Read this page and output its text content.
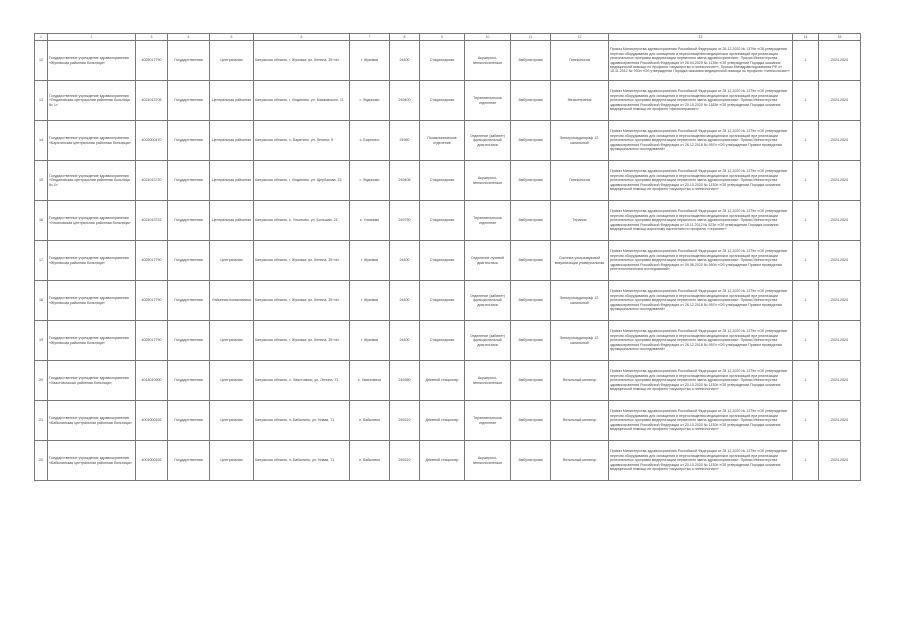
1	2	3	4	5	6	7	8	9	10	11	12	13	14	15
12	Государственное учреждение здравоохранения «Жуковская районная больница»	4029017790	Государственная	Центральная	Калужская область, г. Жуковка, ул. Ленина, 39 «а»	г. Жуковка	24400	Стационарная	Акушерско-гинекологическое	Амбулаторная	Гинекология	Приказ Министерства здравоохранения Российской Федерации от 28.12.2020 № 1379н «Об утверждении перечня оборудования для оснащения и переоснащения медицинских организаций при реализации региональных программ модернизации первичного звена здравоохранения». Приказ Министерства здравоохранения Российской Федерации от 28.04.2020 № 1139н «Об утверждении Порядка оказания медицинской помощи по профилю «акушерство и гинекология»», Приказ Минздравсоцразвития РФ от 15.11.2012 № 930н «Об утверждении Порядка оказания медицинской помощи по профилю «гинекология»»	1	2024.2024
13	Государственное учреждение здравоохранения «Людиновская центральная районная больница № 1»	4024013706	Государственная	Центральная районная	Калужская область, г. Людиново, ул. Маяковского, 11	г. Людиново	249400	Стационарная	Терапевтическое отделение	Амбулаторная	Физиотерапия	Приказ Министерства здравоохранения Российской Федерации от 28.12.2020 № 1379н «Об утверждении перечня оборудования для оснащения и переоснащения медицинских организаций при реализации региональных программ модернизации первичного звена здравоохранения». Приказ Министерства здравоохранения Российской Федерации от 20.10.2020 № 1183н «Об утверждении Порядка оказания медицинской помощи по профилю «физиотерапия»»	1	2024.2024
14	Государственное учреждение здравоохранения «Барятинская центральная районная больница»	4002000470	Государственная	Центральная районная	Калужская область, с. Барятино, ул. Ленина, 9	с. Барятино	24960	Поликлиническое отделение	Отделение (кабинет) функциональной диагностики	Амбулаторная	Электрокардиограф 12-канальный	Приказ Министерства здравоохранения Российской Федерации от 28.12.2020 № 1379н «Об утверждении перечня оборудования для оснащения и переоснащения медицинских организаций при реализации региональных программ модернизации первичного звена здравоохранения». Приказ Министерства здравоохранения Российской Федерации от 26.12.2016 № 997н «Об утверждении Правил проведения функциональных исследований»	1	2024.2024
15	Государственное учреждение здравоохранения «Людиновская центральная районная больница № 2»	4024013720	Государственная	Центральная районная	Калужская область, г. Людиново, ул. Щербакова, 23	г. Людиново	249406	Стационарная	Акушерско-гинекологическое	Амбулаторная	Гинекология	Приказ Министерства здравоохранения Российской Федерации от 28.12.2020 № 1379н «Об утверждении перечня оборудования для оснащения и переоснащения медицинских организаций при реализации региональных программ модернизации первичного звена здравоохранения». Приказ Министерства здравоохранения Российской Федерации от 20.10.2020 № 1130н «Об утверждении Порядка оказания медицинской помощи по профилю «акушерство и гинекология»»	1	2024.2024
16	Государственное учреждение здравоохранения «Ульяновская центральная районная больница»	4024013722	Государственная	Центральная районная	Калужская область, с. Ульяново, ул. Большая, 21	с. Ульяново	249750	Стационарная	Терапевтическое отделение	Амбулаторная	Терапия	Приказ Министерства здравоохранения Российской Федерации от 28.12.2020 № 1379н «Об утверждении перечня оборудования для оснащения и переоснащения медицинских организаций при реализации региональных программ модернизации первичного звена здравоохранения». Приказ Министерства здравоохранения Российской Федерации от 15.11.2012 № 923н «Об утверждении Порядка оказания медицинской помощи взрослому населению по профилю «терапия»»	1	2024.2024
17	Государственное учреждение здравоохранения «Жуковская районная больница»	4029017790	Государственная	Центральная	Калужская область, г. Жуковка, ул. Ленина, 39 «а»	г. Жуковка	24400	Стационарная	Отделение лучевой диагностики	Амбулаторная	Система ультразвуковой визуализации универсальная	Приказ Министерства здравоохранения Российской Федерации от 28.12.2020 № 1379н «Об утверждении перечня оборудования для оснащения и переоснащения медицинских организаций при реализации региональных программ модернизации первичного звена здравоохранения». Приказ Министерства здравоохранения Российской Федерации от 09.06.2020 № 560н «Об утверждении Правил проведения рентгенологических исследований»	1	2024.2024
18	Государственное учреждение здравоохранения «Жуковская районная больница»	4029017790	Государственная	Районная поликлиника	Калужская область, г. Жуковка, ул. Ленина, 39 «а»	г. Жуковка	24400	Стационарная	Отделение (кабинет) функциональной диагностики	Амбулаторная	Электрокардиограф 12-канальный	Приказ Министерства здравоохранения Российской Федерации от 28.12.2020 № 1379н «Об утверждении перечня оборудования для оснащения и переоснащения медицинских организаций при реализации региональных программ модернизации первичного звена здравоохранения». Приказ Министерства здравоохранения Российской Федерации от 26.12.2016 № 997н «Об утверждении Правил проведения функциональных исследований»	1	2024.2024
19	Государственное учреждение здравоохранения «Жуковская районная больница»	4029017790	Государственная	Центральная	Калужская область, г. Жуковка, ул. Ленина, 39 «а»	г. Жуковка	24400	Стационарная	Отделение (кабинет) функциональной диагностики	Амбулаторная	Электрокардиограф 12-канальный	Приказ Министерства здравоохранения Российской Федерации от 28.12.2020 № 1379н «Об утверждении перечня оборудования для оснащения и переоснащения медицинских организаций при реализации региональных программ модернизации первичного звена здравоохранения». Приказ Министерства здравоохранения Российской Федерации от 26.12.2016 № 997н «Об утверждении Правил проведения функциональных исследований»	1	2024.2024
20	Государственное учреждение здравоохранения «Хвастовичская районная больница»	4018010900	Государственная	Центральная	Калужская область, с. Хвастовичи, ул. Ленина, 71	с. Хвастовичи	249360	Дневной стационар	Акушерско-гинекологическое	Амбулаторная	Фетальный монитор	Приказ Министерства здравоохранения Российской Федерации от 28.12.2020 № 1379н «Об утверждении перечня оборудования для оснащения и переоснащения медицинских организаций при реализации региональных программ модернизации первичного звена здравоохранения». Приказ Министерства здравоохранения Российской Федерации от 20.10.2020 № 1130н «Об утверждении Порядка оказания медицинской помощи по профилю «акушерство и гинекология»»	1	2024.2024
21	Государственное учреждение здравоохранения «Бабынинская центральная районная больница»	4001000192	Государственная	Центральная	Калужская область, п. Бабынино, ул. Новая, 71	п. Бабынино	249210	Дневной стационар	Терапевтическое отделение	Амбулаторная	Фетальный монитор	Приказ Министерства здравоохранения Российской Федерации от 28.12.2020 № 1379н «Об утверждении перечня оборудования для оснащения и переоснащения медицинских организаций при реализации региональных программ модернизации первичного звена здравоохранения». Приказ Министерства здравоохранения Российской Федерации от 20.10.2020 № 1130н «Об утверждении Порядка оказания медицинской помощи по профилю «акушерство и гинекология»»	1	2024.2024
22	Государственное учреждение здравоохранения «Бабынинская центральная районная больница»	4001000192	Государственная	Центральная	Калужская область, п. Бабынино, ул. Новая, 71	п. Бабынино	249210	Дневной стационар	Акушерско-гинекологическое	Амбулаторная	Фетальный монитор	Приказ Министерства здравоохранения Российской Федерации от 28.12.2020 № 1379н «Об утверждении перечня оборудования для оснащения и переоснащения медицинских организаций при реализации региональных программ модернизации первичного звена здравоохранения». Приказ Министерства здравоохранения Российской Федерации от 20.10.2020 № 1130н «Об утверждении Порядка оказания медицинской помощи по профилю «акушерство и гинекология»»	1	2024.2024
